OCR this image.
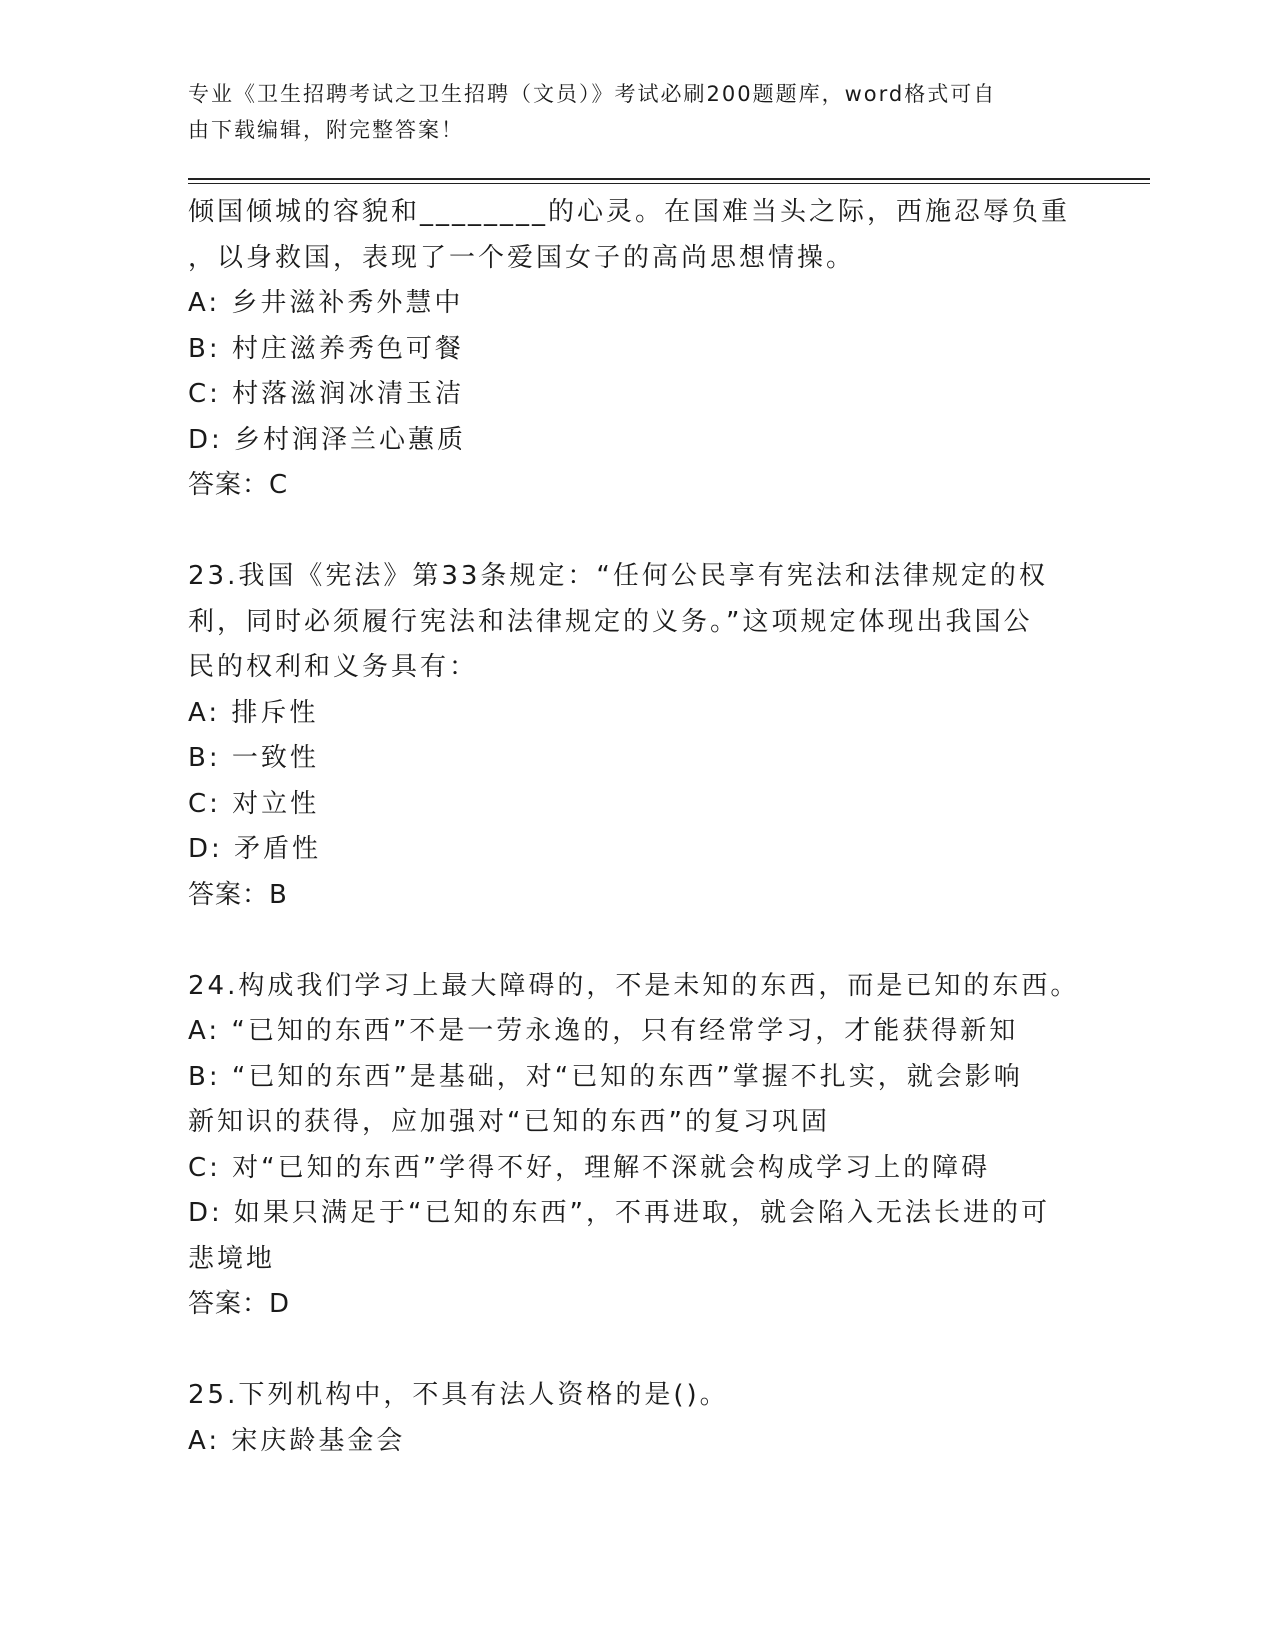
专业《卫生招聘考试之卫生招聘（文员）》考试必刷200题题库，word格式可自
由下载编辑，附完整答案！
倾国倾城的容貌和________的心灵。在国难当头之际，西施忍辱负重
，以身救国，表现了一个爱国女子的高尚思想情操。
A: 乡井滋补秀外慧中
B: 村庄滋养秀色可餐
C: 村落滋润冰清玉洁
D: 乡村润泽兰心蕙质
答案：C
23.我国《宪法》第33条规定：“任何公民享有宪法和法律规定的权
利，同时必须履行宪法和法律规定的义务。”这项规定体现出我国公
民的权利和义务具有：
A: 排斥性
B: 一致性
C: 对立性
D: 矛盾性
答案：B
24.构成我们学习上最大障碍的，不是未知的东西，而是已知的东西。
A: “已知的东西”不是一劳永逸的，只有经常学习，才能获得新知
B: “已知的东西”是基础，对“已知的东西”掌握不扎实，就会影响
新知识的获得，应加强对“已知的东西”的复习巩固
C: 对“已知的东西”学得不好，理解不深就会构成学习上的障碍
D: 如果只满足于“已知的东西”，不再进取，就会陷入无法长进的可
悲境地
答案：D
25.下列机构中，不具有法人资格的是()。
A: 宋庆龄基金会
